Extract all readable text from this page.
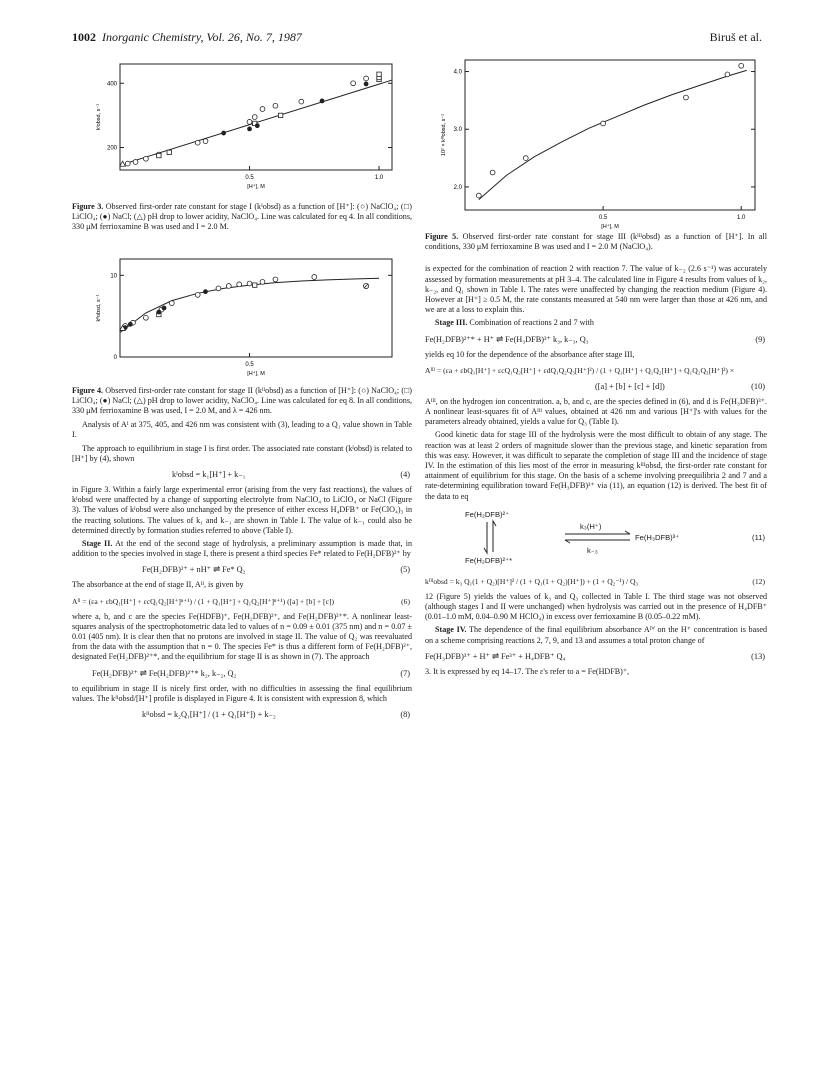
1002 Inorganic Chemistry, Vol. 26, No. 7, 1987	Biruš et al.
0.5	1.0
400
200
[H⁺], M
kᴵobsd, s⁻¹
Figure 3. Observed first-order rate constant for stage I (kᴵobsd) as a function of [H⁺]: (○) NaClO₄; (□) LiClO₄; (●) NaCl; (△) pH drop to lower acidity, NaClO₄. Line was calculated for eq 4. In all conditions, 330 μM ferrioxamine B was used and I = 2.0 M.
0.5
10
0
[H⁺], M
kᴵᴵobsd, s⁻¹
Figure 4. Observed first-order rate constant for stage II (kᴵᴵobsd) as a function of [H⁺]: (○) NaClO₄; (□) LiClO₄; (●) NaCl; (△) pH drop to lower acidity, NaClO₄. Line was calculated for eq 8. In all conditions, 330 μM ferrioxamine B was used, I = 2.0 M, and λ = 426 nm.

Analysis of Aᴵ at 375, 405, and 426 nm was consistent with (3), leading to a Q₁ value shown in Table I.

The approach to equilibrium in stage I is first order. The associated rate constant (kᴵobsd) is related to [H⁺] by (4), shown

kᴵobsd = k₁[H⁺] + k₋₁	(4)

in Figure 3. Within a fairly large experimental error (arising from the very fast reactions), the values of kᴵobsd were unaffected by a change of supporting electrolyte from NaClO₄ to LiClO₄ or NaCl (Figure 3). The values of kᴵobsd were also unchanged by the presence of either excess H₄DFB⁺ or Fe(ClO₄)₃ in the reacting solutions. The values of k₁ and k₋₁ are shown in Table I. The value of k₋₁ could also be determined directly by formation studies referred to above (Table I).

Stage II. At the end of the second stage of hydrolysis, a preliminary assumption is made that, in addition to the species involved in stage I, there is present a third species Fe* related to Fe(H₂DFB)²⁺ by

Fe(H₂DFB)²⁺ + nH⁺ ⇌ Fe* Q₂	(5)

The absorbance at the end of stage II, Aᴵᴵ, is given by

Aᴵᴵ = (εa + εbQ₁[H⁺] + εcQ₁Q₂[H⁺]ⁿ⁺¹) / (1 + Q₁[H⁺] + Q₁Q₂[H⁺]ⁿ⁺¹) ([a] + [b] + [c])	(6)

where a, b, and c are the species Fe(HDFB)⁺, Fe(H₂DFB)²⁺, and Fe(H₂DFB)²⁺*. A nonlinear least-squares analysis of the spectrophotometric data led to values of n = 0.09 ± 0.01 (375 nm) and n = 0.07 ± 0.01 (405 nm). It is clear then that no protons are involved in stage II. The value of Q₂ was reevaluated from the data with the assumption that n = 0. The species Fe* is thus a different form of Fe(H₂DFB)²⁺, designated Fe(H₂DFB)²⁺*, and the equilibrium for stage II is as shown in (7). The approach

Fe(H₂DFB)²⁺ ⇌ Fe(H₂DFB)²⁺* k₂, k₋₂, Q₂	(7)

to equilibrium in stage II is nicely first order, with no difficulties in assessing the final equilibrium values. The kᴵᴵobsd/[H⁺] profile is displayed in Figure 4. It is consistent with expression 8, which

kᴵᴵobsd = k₂Q₁[H⁺] / (1 + Q₁[H⁺]) + k₋₂	(8)
0.5	1.0
4.0
3.0
2.0
[H⁺], M
10² × kᴵᴵᴵobsd, s⁻¹
Figure 5. Observed first-order rate constant for stage III (kᴵᴵᴵobsd) as a function of [H⁺]. In all conditions, 330 μM ferrioxamine B was used and I = 2.0 M (NaClO₄).

is expected for the combination of reaction 2 with reaction 7. The value of k₋₂ (2.6 s⁻¹) was accurately assessed by formation measurements at pH 3–4. The calculated line in Figure 4 results from values of k₂, k₋₂, and Q₁ shown in Table I. The rates were unaffected by changing the reaction medium (Figure 4). However at [H⁺] ≥ 0.5 M, the rate constants measured at 540 nm were larger than those at 426 nm, and we are at a loss to explain this.

Stage III. Combination of reactions 2 and 7 with

Fe(H₂DFB)²⁺* + H⁺ ⇌ Fe(H₃DFB)³⁺ k₃, k₋₃, Q₃	(9)

yields eq 10 for the dependence of the absorbance after stage III,

Aᴵᴵᴵ = (εa + εbQ₁[H⁺] + εcQ₁Q₂[H⁺] + εdQ₁Q₂Q₃[H⁺]²) / (1 + Q₁[H⁺] + Q₁Q₂[H⁺] + Q₁Q₂Q₃[H⁺]²) ×
([a] + [b] + [c] + [d])	(10)

Aᴵᴵᴵ, on the hydrogen ion concentration. a, b, and c, are the species defined in (6), and d is Fe(H₃DFB)³⁺. A nonlinear least-squares fit of Aᴵᴵᴵ values, obtained at 426 nm and various [H⁺]'s with values for the parameters already obtained, yields a value for Q₃ (Table I).

Good kinetic data for stage III of the hydrolysis were the most difficult to obtain of any stage. The reaction was at least 2 orders of magnitude slower than the previous stage, and kinetic separation from this was easy. However, it was difficult to separate the completion of stage III and the incidence of stage IV. In the estimation of this lies most of the error in measuring kᴵᴵᴵobsd, the first-order rate constant for attainment of equilibrium for this stage. On the basis of a scheme involving preequilibria 2 and 7 and a rate-determining equilibration toward Fe(H₃DFB)³⁺ via (11), an equation (12) is derived. The best fit of the data to eq

Fe(H₂DFB)²⁺
Fe(H₂DFB)²⁺*
Fe(H₃DFB)³⁺
k₃(H⁺)
k₋₃
(11)
kᴵᴵᴵobsd = k₃ Q₁(1 + Q₂)[H⁺]² / (1 + Q₁(1 + Q₂)[H⁺]) + (1 + Q₂⁻¹) / Q₃	(12)

12 (Figure 5) yields the values of k₃ and Q₃ collected in Table I. The third stage was not observed (although stages I and II were unchanged) when hydrolysis was carried out in the presence of H₄DFB⁺ (0.01–1.0 mM, 0.04–0.90 M HClO₄) in excess over ferrioxamine B (0.05–0.22 mM).

Stage IV. The dependence of the final equilibrium absorbance Aᴵⱽ on the H⁺ concentration is based on a scheme comprising reactions 2, 7, 9, and 13 and assumes a total proton change of

Fe(H₃DFB)³⁺ + H⁺ ⇌ Fe³⁺ + H₄DFB⁺ Q₄	(13)

3. It is expressed by eq 14–17. The ε's refer to a = Fe(HDFB)⁺,
